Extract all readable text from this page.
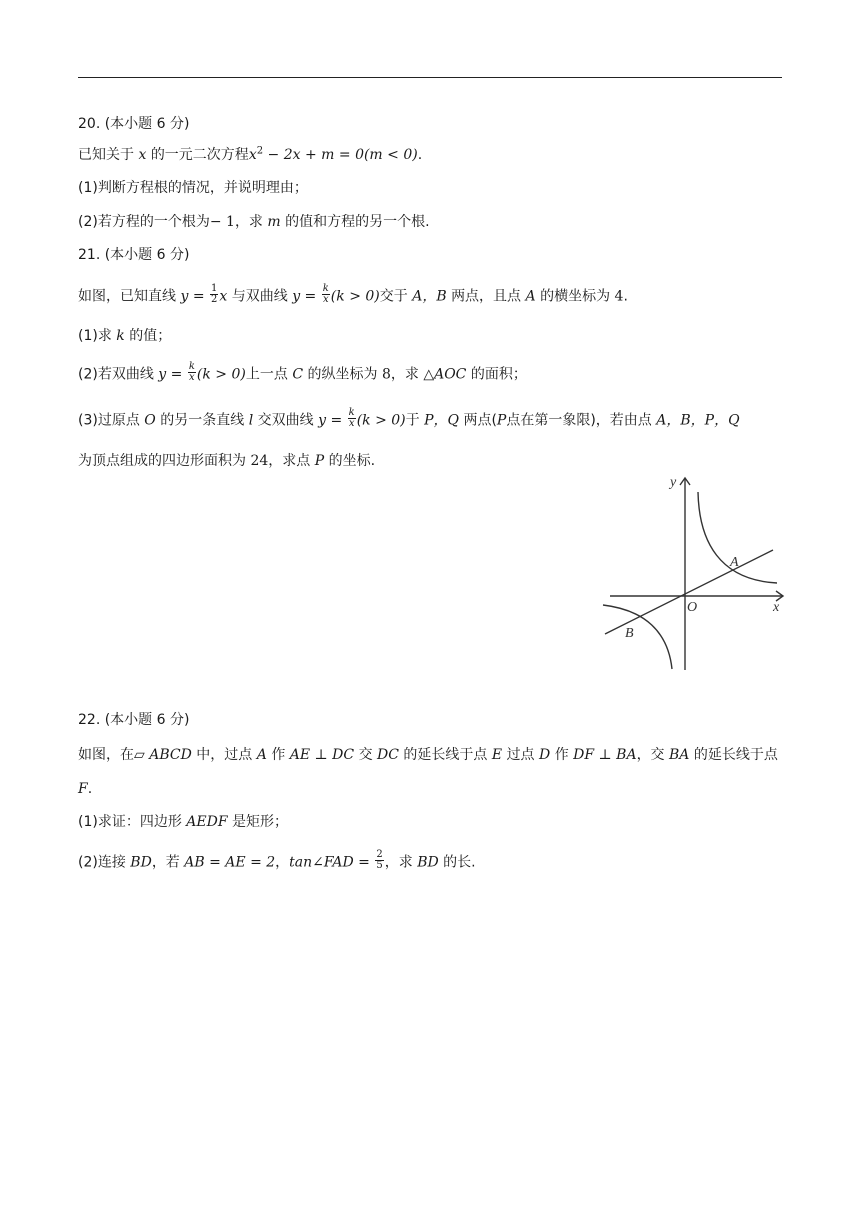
20. (本小题 6 分)
已知关于 x 的一元二次方程$x^2 - 2x + m = 0(m < 0)$.
(1)判断方程根的情况，并说明理由；
(2)若方程的一个根为− 1，求 m 的值和方程的另一个根.
21. (本小题 6 分)
如图，已知直线 $y = \frac{1}{2}$ x 与双曲线 $y = \frac{k}{x} (k > 0)$交于 A，B 两点，且点 A 的横坐标为 4.
(1)求 k 的值；
(2)若双曲线 $y = \frac{k}{x} (k > 0)$上一点 C 的纵坐标为 8，求 △AOC 的面积；
(3)过原点 O 的另一条直线 l 交双曲线 $y = \frac{k}{x} (k > 0)$于 P，Q 两点(P点在第一象限)，若由点 A，B，P，Q
为顶点组成的四边形面积为 24，求点 P 的坐标.
y
x
O
A
B
22. (本小题 6 分)
如图，在▱ ABCD 中，过点 A 作 AE ⊥ DC 交 DC 的延长线于点 E 过点 D 作 DF ⊥ BA，交 BA 的延长线于点
F.
(1)求证：四边形 AEDF 是矩形；
(2)连接 BD，若 AB = AE = 2，tan∠FAD = $\frac{2}{5}$ ，求 BD 的长.
